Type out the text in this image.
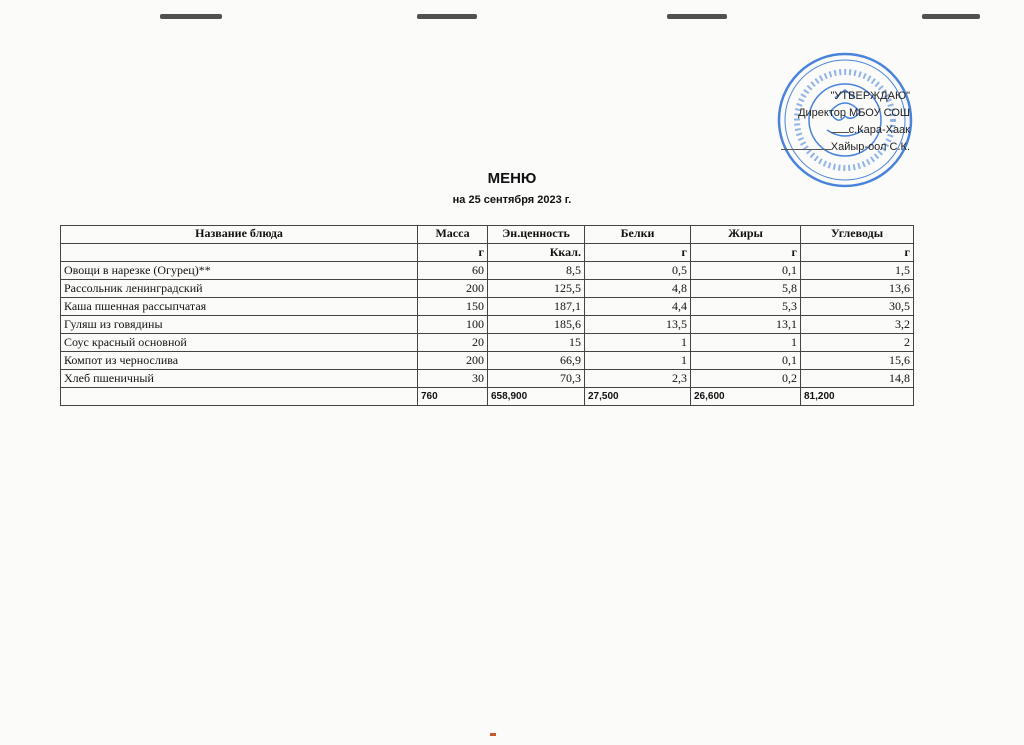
"УТВЕРЖДАЮ"
Директор МБОУ СОШ
с.Кара-Хаак
Хайыр-оол С.К.
МЕНЮ
на 25 сентября 2023 г.
Название блюда	Масса	Эн.ценность	Белки	Жиры	Углеводы
	г	Ккал.	г	г	г
Овощи в нарезке (Огурец)**	60	8,5	0,5	0,1	1,5
Рассольник ленинградский	200	125,5	4,8	5,8	13,6
Каша пшенная рассыпчатая	150	187,1	4,4	5,3	30,5
Гуляш из говядины	100	185,6	13,5	13,1	3,2
Соус красный основной	20	15	1	1	2
Компот из чернослива	200	66,9	1	0,1	15,6
Хлеб пшеничный	30	70,3	2,3	0,2	14,8
	760	658,900	27,500	26,600	81,200
